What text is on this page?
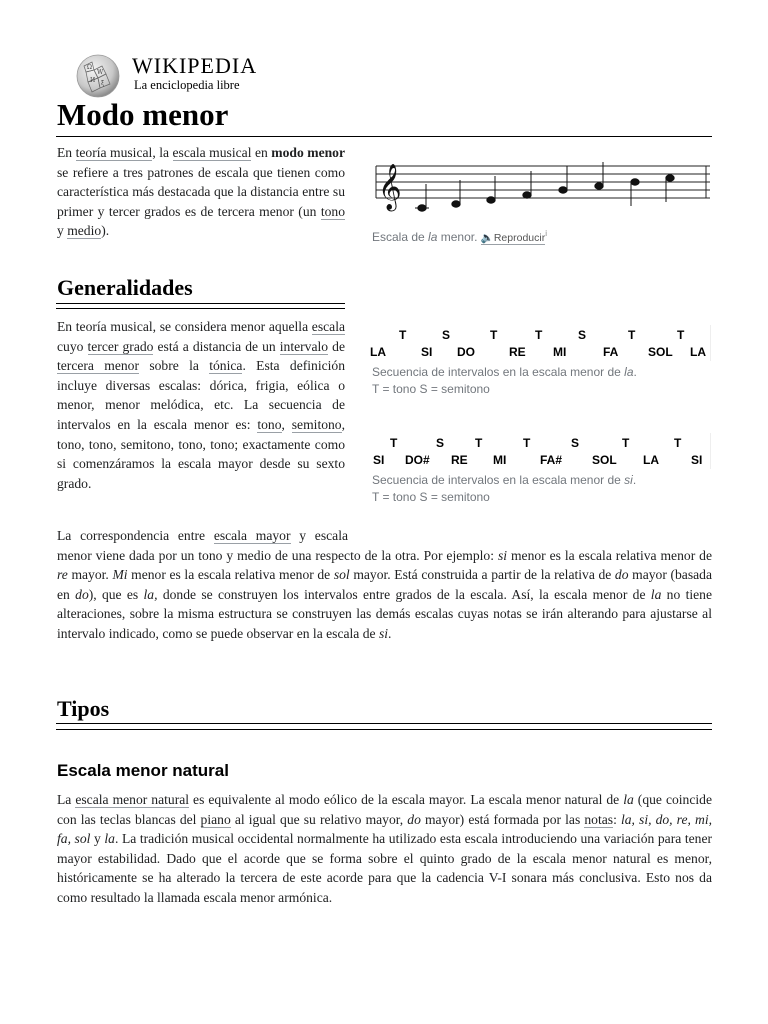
Ω
W
И ξ
WIKIPEDIA
La enciclopedia libre
Modo menor

En teoría musical, la escala musical en modo menor se refiere a tres patrones de escala que tienen como característica más destacada que la distancia entre su primer y tercer grados es de tercera menor (un tono y medio).

𝄞
Escala de la menor. 🔈Reproducir$^i$
Generalidades

En teoría musical, se considera menor aquella escala cuyo tercer grado está a distancia de un intervalo de tercera menor sobre la tónica. Esta definición incluye diversas escalas: dórica, frigia, eólica o menor, menor melódica, etc. La secuencia de intervalos en la escala menor es: tono, semitono, tono, tono, semitono, tono, tono; exactamente como si comenzáramos la escala mayor desde su sexto grado.

T	S	T	T	S	T	T
LA	SI DO	RE MI	FA SOL LA
Secuencia de intervalos en la escala menor de la.
T = tono S = semitono
T	S	T	T	S	T	T
SI DO# RE MI	FA# SOL LA	SI
Secuencia de intervalos en la escala menor de si.
T = tono S = semitono

La correspondencia entre escala mayor y escala menor viene dada por un tono y medio de una respecto de la otra. Por ejemplo: si menor es la escala relativa menor de re mayor. Mi menor es la escala relativa menor de sol mayor. Está construida a partir de la relativa de do mayor (basada en do), que es la, donde se construyen los intervalos entre grados de la escala. Así, la escala menor de la no tiene alteraciones, sobre la misma estructura se construyen las demás escalas cuyas notas se irán alterando para ajustarse al intervalo indicado, como se puede observar en la escala de si.

Tipos
Escala menor natural

La escala menor natural es equivalente al modo eólico de la escala mayor. La escala menor natural de la (que coincide con las teclas blancas del piano al igual que su relativo mayor, do mayor) está formada por las notas: la, si, do, re, mi, fa, sol y la. La tradición musical occidental normalmente ha utilizado esta escala introduciendo una variación para tener mayor estabilidad. Dado que el acorde que se forma sobre el quinto grado de la escala menor natural es menor, históricamente se ha alterado la tercera de este acorde para que la cadencia V-I sonara más conclusiva. Esto nos da como resultado la llamada escala menor armónica.
